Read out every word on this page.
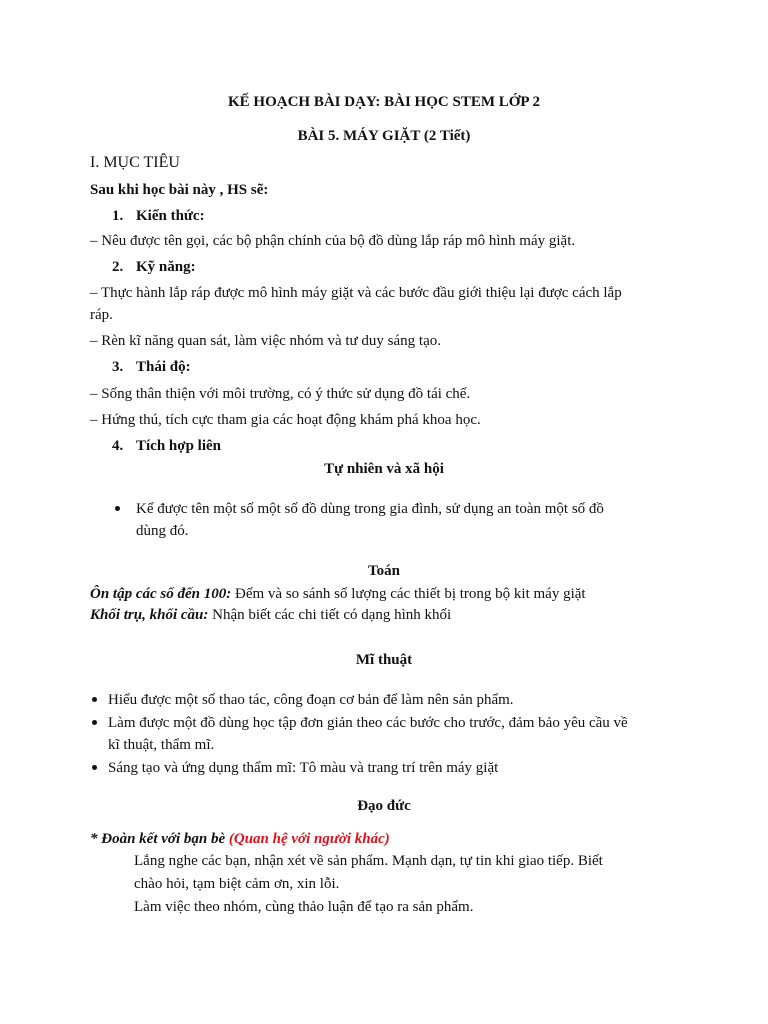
KẾ HOẠCH BÀI DẠY: BÀI HỌC STEM LỚP 2
BÀI 5. MÁY GIẶT (2 Tiết)
I. MỤC TIÊU
Sau khi học bài này , HS sẽ:
1. Kiến thức:
– Nêu được tên gọi, các bộ phận chính của bộ đồ dùng lắp ráp mô hình máy giặt.
2. Kỹ năng:
– Thực hành lắp ráp được mô hình máy giặt và các bước đầu giới thiệu lại được cách lắp
ráp.
– Rèn kĩ năng quan sát, làm việc nhóm và tư duy sáng tạo.
3. Thái độ:
– Sống thân thiện với môi trường, có ý thức sử dụng đồ tái chế.
– Hứng thú, tích cực tham gia các hoạt động khám phá khoa học.
4. Tích hợp liên
Tự nhiên và xã hội
Kể được tên một số một số đồ dùng trong gia đình, sử dụng an toàn một số đồ
dùng đó.
Toán
Ôn tập các số đến 100: Đếm và so sánh số lượng các thiết bị trong bộ kit máy giặt
Khối trụ, khối cầu: Nhận biết các chi tiết có dạng hình khối
Mĩ thuật
Hiểu được một số thao tác, công đoạn cơ bản để làm nên sản phẩm.
Làm được một đồ dùng học tập đơn giản theo các bước cho trước, đảm bảo yêu cầu về
kĩ thuật, thẩm mĩ.
Sáng tạo và ứng dụng thẩm mĩ: Tô màu và trang trí trên máy giặt
Đạo đức
* Đoàn kết với bạn bè (Quan hệ với người khác)
Lắng nghe các bạn, nhận xét về sản phẩm. Mạnh dạn, tự tin khi giao tiếp. Biết
chào hỏi, tạm biệt cảm ơn, xin lỗi.
Làm việc theo nhóm, cùng thảo luận để tạo ra sản phẩm.
